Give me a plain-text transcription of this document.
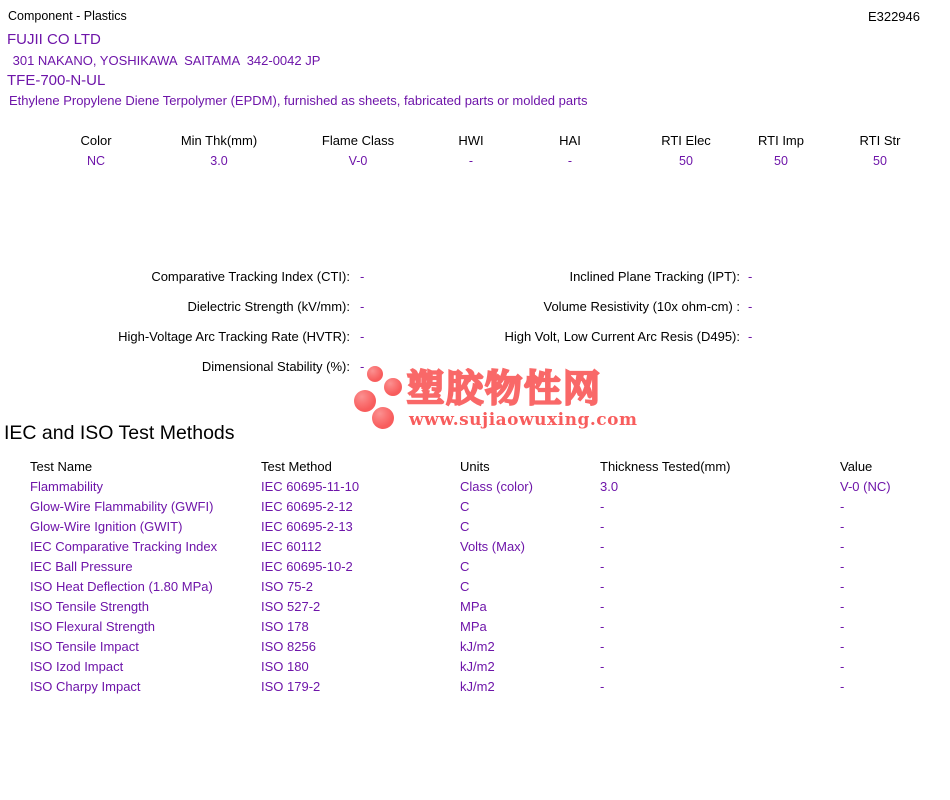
Component - Plastics	E322946
FUJII CO LTD
301 NAKANO, YOSHIKAWA  SAITAMA  342-0042 JP
TFE-700-N-UL
Ethylene Propylene Diene Terpolymer (EPDM), furnished as sheets, fabricated parts or molded parts
Color	Min Thk(mm)	Flame Class	HWI	HAI	RTI Elec	RTI Imp	RTI Str
NC	3.0	V-0	-	-	50	50	50
Comparative Tracking Index (CTI): -
Dielectric Strength (kV/mm): -
High-Voltage Arc Tracking Rate (HVTR): -
Dimensional Stability (%): -
Inclined Plane Tracking (IPT): -
Volume Resistivity (10x ohm-cm) : -
High Volt, Low Current Arc Resis (D495): -
塑胶物性网
www.sujiaowuxing.com
IEC and ISO Test Methods
Test Name	Test Method	Units	Thickness Tested(mm)	Value
Flammability	IEC 60695-11-10	Class (color)	3.0	V-0 (NC)
Glow-Wire Flammability (GWFI)	IEC 60695-2-12	C	-	-
Glow-Wire Ignition (GWIT)	IEC 60695-2-13	C	-	-
IEC Comparative Tracking Index	IEC 60112	Volts (Max)	-	-
IEC Ball Pressure	IEC 60695-10-2	C	-	-
ISO Heat Deflection (1.80 MPa)	ISO 75-2	C	-	-
ISO Tensile Strength	ISO 527-2	MPa	-	-
ISO Flexural Strength	ISO 178	MPa	-	-
ISO Tensile Impact	ISO 8256	kJ/m2	-	-
ISO Izod Impact	ISO 180	kJ/m2	-	-
ISO Charpy Impact	ISO 179-2	kJ/m2	-	-
